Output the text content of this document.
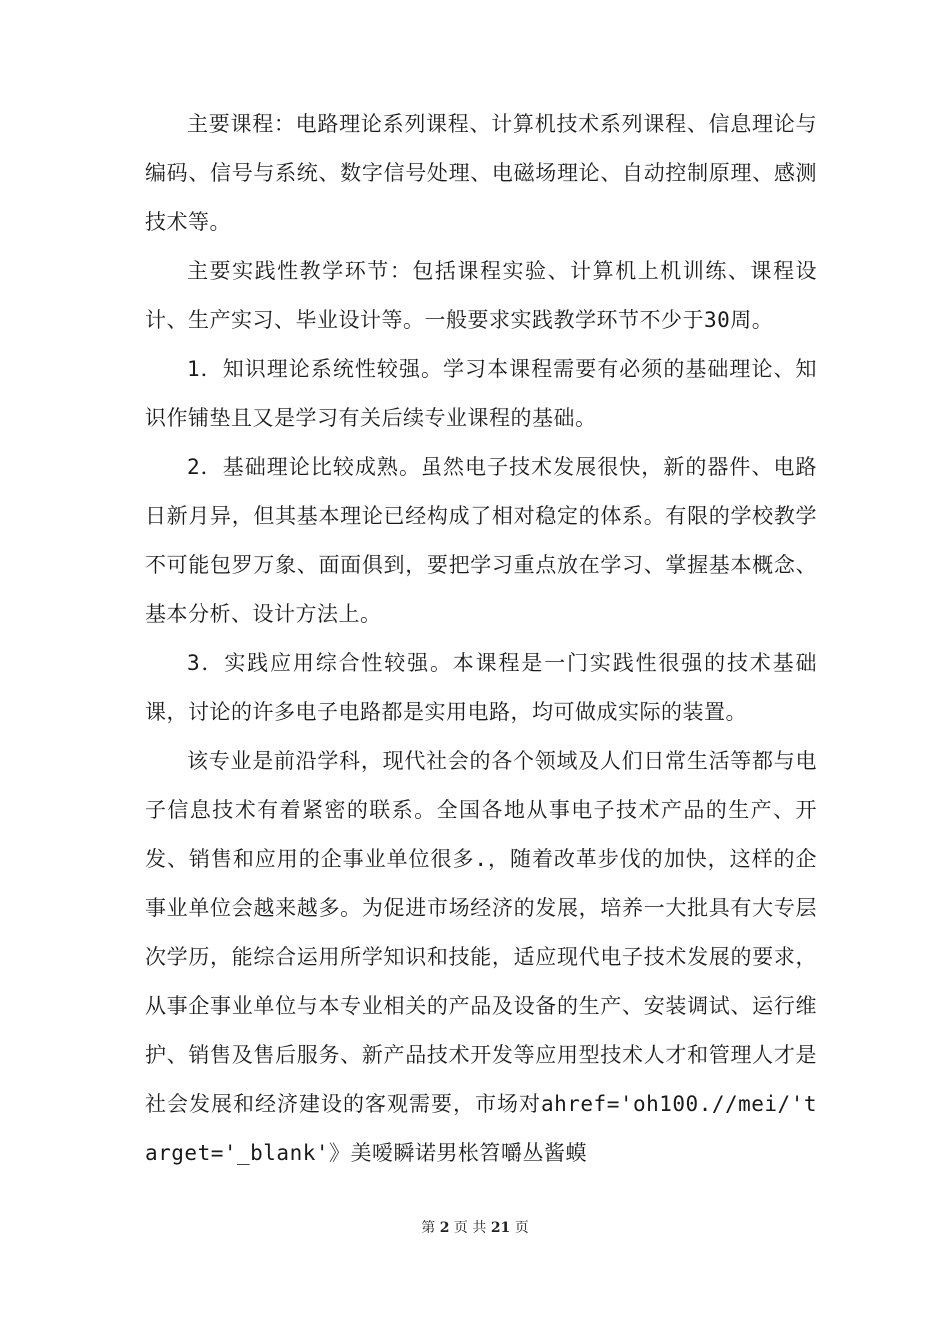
主要课程：电路理论系列课程、计算机技术系列课程、信息理论与编码、信号与系统、数字信号处理、电磁场理论、自动控制原理、感测技术等。

主要实践性教学环节：包括课程实验、计算机上机训练、课程设计、生产实习、毕业设计等。一般要求实践教学环节不少于30周。

1．知识理论系统性较强。学习本课程需要有必须的基础理论、知识作铺垫且又是学习有关后续专业课程的基础。

2．基础理论比较成熟。虽然电子技术发展很快，新的器件、电路日新月异，但其基本理论已经构成了相对稳定的体系。有限的学校教学不可能包罗万象、面面俱到，要把学习重点放在学习、掌握基本概念、基本分析、设计方法上。

3．实践应用综合性较强。本课程是一门实践性很强的技术基础课，讨论的许多电子电路都是实用电路，均可做成实际的装置。

该专业是前沿学科，现代社会的各个领域及人们日常生活等都与电子信息技术有着紧密的联系。全国各地从事电子技术产品的生产、开发、销售和应用的企事业单位很多.，随着改革步伐的加快，这样的企事业单位会越来越多。为促进市场经济的发展，培养一大批具有大专层次学历，能综合运用所学知识和技能，适应现代电子技术发展的要求，从事企事业单位与本专业相关的产品及设备的生产、安装调试、运行维护、销售及售后服务、新产品技术开发等应用型技术人才和管理人才是社会发展和经济建设的客观需要，市场对ahref='oh100.//mei/'target='_blank'》美嗳瞬诺男枨笤嚼丛酱蟆

第 2 页 共 21 页
